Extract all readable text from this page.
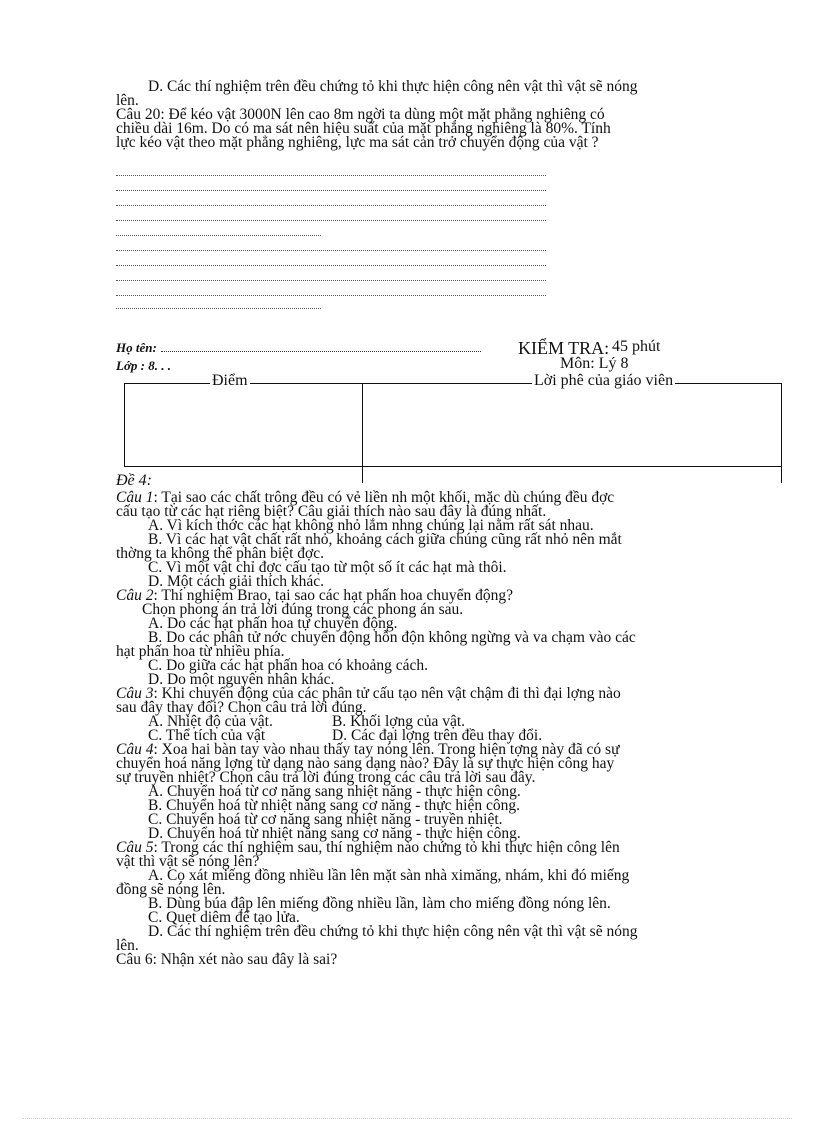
D. Các thí nghiệm trên đều chứng tỏ khi thực hiện công nên vật thì vật sẽ nóng

lên.

Câu 20: Để kéo vật 3000N lên cao 8m ngời ta dùng một mặt phẳng nghiêng có

chiều dài 16m. Do có ma sát nên hiệu suất của mặt phẳng nghiêng là 80%. Tính

lực kéo vật theo mặt phẳng nghiêng, lực ma sát cản trở chuyển động của vật ?

Họ tên:
Lớp : 8. . .
KIỂM TRA: 45 phút
Môn: Lý 8
Điểm	Lời phê của giáo viên
Đề 4:

Câu 1: Tại sao các chất trông đều có vẻ liền nh một khối, mặc dù chúng đều đợc

cấu tạo từ các hạt riêng biệt? Câu giải thích nào sau đây là đúng nhất.

A. Vì kích thớc các hạt không nhỏ lắm nhng chúng lại nằm rất sát nhau.

B. Vì các hạt vật chất rất nhỏ, khoảng cách giữa chúng cũng rất nhỏ nên mắt

thờng ta không thể phân biệt đợc.

C. Vì một vật chỉ đợc cấu tạo từ một số ít các hạt mà thôi.

D. Một cách giải thích khác.

Câu 2: Thí nghiệm Brao, tại sao các hạt phấn hoa chuyển động?

Chọn phong án trả lời đúng trong các phong án sau.

A. Do các hạt phấn hoa tự chuyển động.

B. Do các phân tử nớc chuyển động hỗn độn không ngừng và va chạm vào các

hạt phấn hoa từ nhiều phía.

C. Do giữa các hạt phấn hoa có khoảng cách.

D. Do một nguyên nhân khác.

Câu 3: Khi chuyển động của các phân tử cấu tạo nên vật chậm đi thì đại lợng nào

sau đây thay đổi? Chọn câu trả lời đúng.

A. Nhiệt độ của vật.	B. Khối lợng của vật.
C. Thể tích của vật	D. Các đại lợng trên đều thay đổi.

Câu 4: Xoa hai bàn tay vào nhau thấy tay nóng lên. Trong hiện tợng này đã có sự

chuyển hoá năng lợng từ dạng nào sang dạng nào? Đây là sự thực hiện công hay

sự truyền nhiệt? Chọn câu trả lời đúng trong các câu trả lời sau đây.

A. Chuyển hoá từ cơ năng sang nhiệt năng - thực hiện công.

B. Chuyển hoá từ nhiệt năng sang cơ năng - thực hiện công.

C. Chuyển hoá từ cơ năng sang nhiệt năng - truyền nhiệt.

D. Chuyển hoá từ nhiệt năng sang cơ năng - thực hiện công.

Câu 5: Trong các thí nghiệm sau, thí nghiệm nào chứng tỏ khi thực hiện công lên

vật thì vật sẽ nóng lên?

A. Cọ xát miếng đồng nhiều lần lên mặt sàn nhà ximăng, nhám, khi đó miếng

đồng sẽ nóng lên.

B. Dùng búa đập lên miếng đồng nhiều lần, làm cho miếng đồng nóng lên.

C. Quẹt diêm để tạo lửa.

D. Các thí nghiệm trên đều chứng tỏ khi thực hiện công nên vật thì vật sẽ nóng

lên.

Câu 6: Nhận xét nào sau đây là sai?
